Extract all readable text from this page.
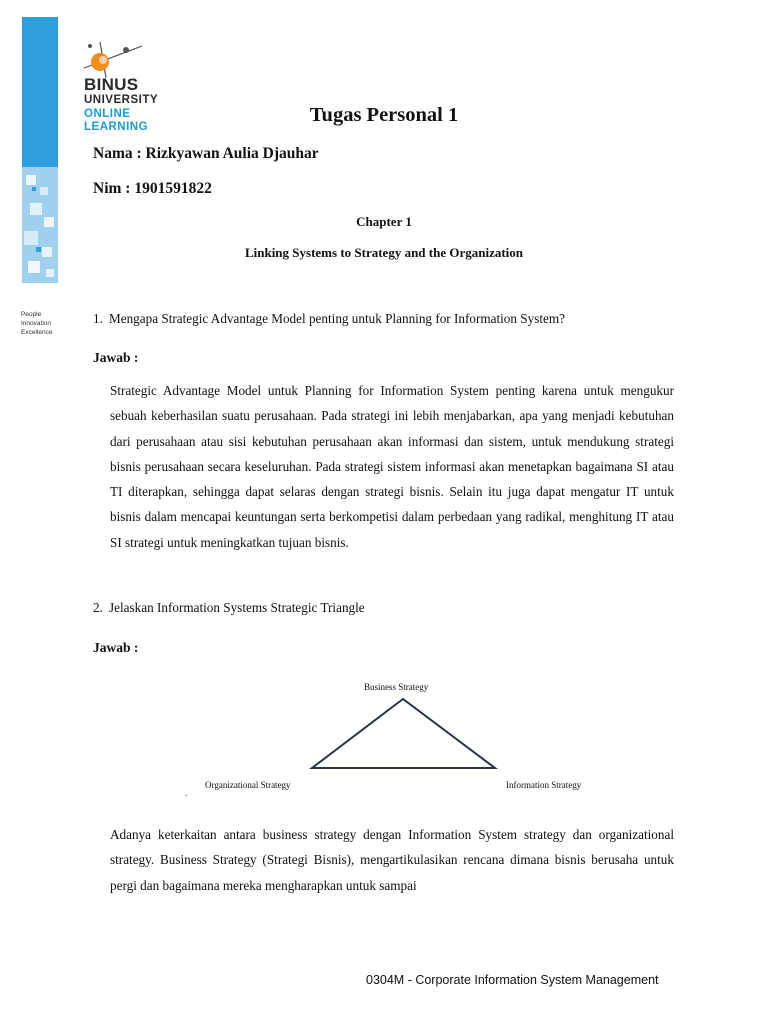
BINUS
UNIVERSITY
ONLINE
LEARNING
People
Innovation
Excellence
Tugas Personal 1
Nama : Rizkyawan Aulia Djauhar
Nim : 1901591822
Chapter 1
Linking Systems to Strategy and the Organization
1. Mengapa Strategic Advantage Model penting untuk Planning for Information System?
Jawab :
Strategic Advantage Model untuk Planning for Information System penting karena untuk mengukur sebuah keberhasilan suatu perusahaan. Pada strategi ini lebih menjabarkan, apa yang menjadi kebutuhan dari perusahaan atau sisi kebutuhan perusahaan akan informasi dan sistem, untuk mendukung strategi bisnis perusahaan secara keseluruhan. Pada strategi sistem informasi akan menetapkan bagaimana SI atau TI diterapkan, sehingga dapat selaras dengan strategi bisnis. Selain itu juga dapat mengatur IT untuk bisnis dalam mencapai keuntungan serta berkompetisi dalam perbedaan yang radikal, menghitung IT atau SI strategi untuk meningkatkan tujuan bisnis.
2. Jelaskan Information Systems Strategic Triangle
Jawab :
Business Strategy
Organizational Strategy	Information Strategy
.
Adanya keterkaitan antara business strategy dengan Information System strategy dan organizational strategy. Business Strategy (Strategi Bisnis), mengartikulasikan rencana dimana bisnis berusaha untuk pergi dan bagaimana mereka mengharapkan untuk sampai
0304M - Corporate Information System Management
